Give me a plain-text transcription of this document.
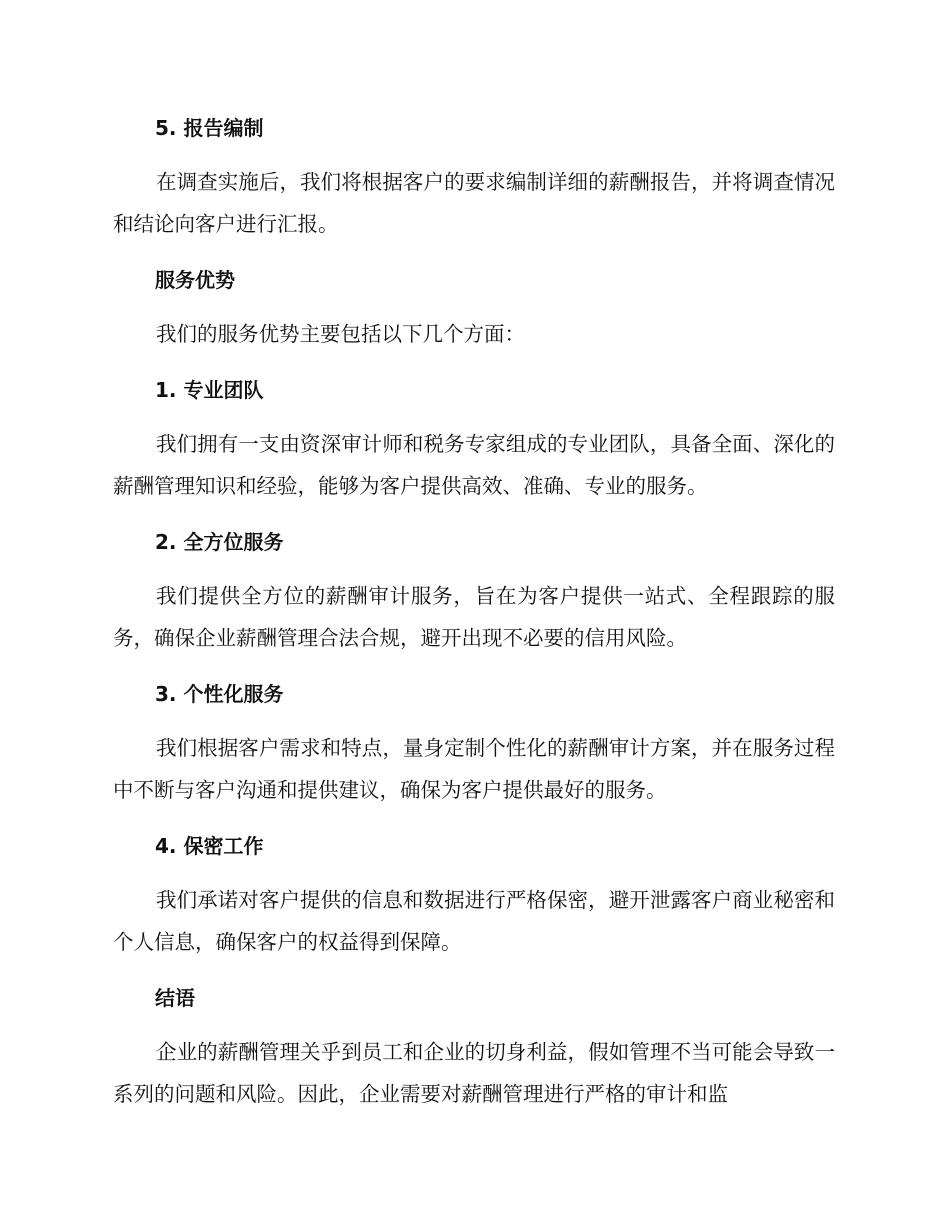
5. 报告编制
在调查实施后，我们将根据客户的要求编制详细的薪酬报告，并将调查情况和结论向客户进行汇报。
服务优势
我们的服务优势主要包括以下几个方面：
1. 专业团队
我们拥有一支由资深审计师和税务专家组成的专业团队，具备全面、深化的薪酬管理知识和经验，能够为客户提供高效、准确、专业的服务。
2. 全方位服务
我们提供全方位的薪酬审计服务，旨在为客户提供一站式、全程跟踪的服务，确保企业薪酬管理合法合规，避开出现不必要的信用风险。
3. 个性化服务
我们根据客户需求和特点，量身定制个性化的薪酬审计方案，并在服务过程中不断与客户沟通和提供建议，确保为客户提供最好的服务。
4. 保密工作
我们承诺对客户提供的信息和数据进行严格保密，避开泄露客户商业秘密和个人信息，确保客户的权益得到保障。
结语
企业的薪酬管理关乎到员工和企业的切身利益，假如管理不当可能会导致一系列的问题和风险。因此，企业需要对薪酬管理进行严格的审计和监
